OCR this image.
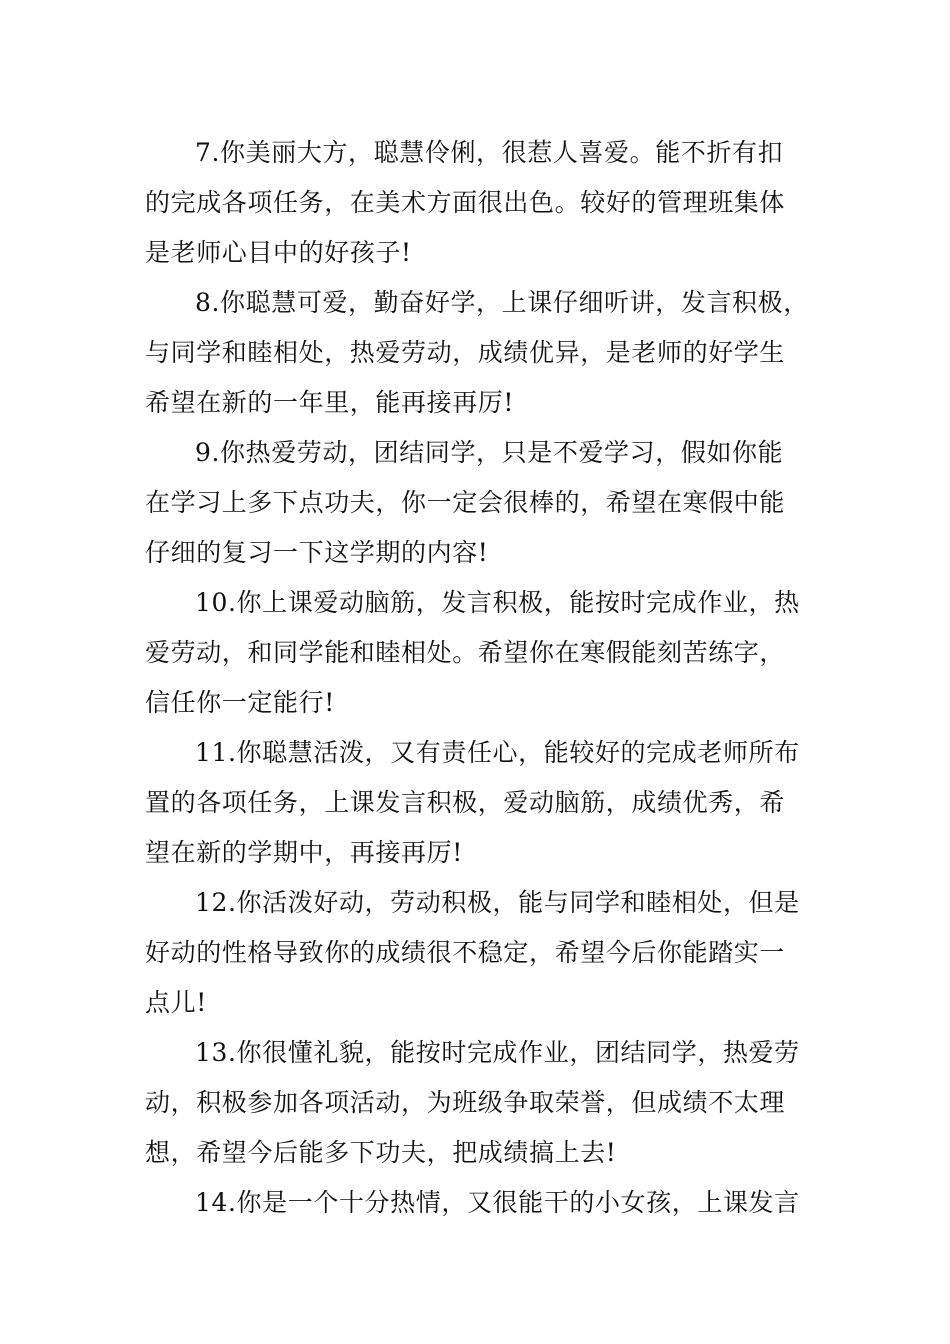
7.你美丽大方，聪慧伶俐，很惹人喜爱。能不折有扣
的完成各项任务，在美术方面很出色。较好的管理班集体
是老师心目中的好孩子!
8.你聪慧可爱，勤奋好学，上课仔细听讲，发言积极，
与同学和睦相处，热爱劳动，成绩优异，是老师的好学生
希望在新的一年里，能再接再厉!
9.你热爱劳动，团结同学，只是不爱学习，假如你能
在学习上多下点功夫，你一定会很棒的，希望在寒假中能
仔细的复习一下这学期的内容!
10.你上课爱动脑筋，发言积极，能按时完成作业，热
爱劳动，和同学能和睦相处。希望你在寒假能刻苦练字，
信任你一定能行!
11.你聪慧活泼，又有责任心，能较好的完成老师所布
置的各项任务，上课发言积极，爱动脑筋，成绩优秀，希
望在新的学期中，再接再厉!
12.你活泼好动，劳动积极，能与同学和睦相处，但是
好动的性格导致你的成绩很不稳定，希望今后你能踏实一
点儿!
13.你很懂礼貌，能按时完成作业，团结同学，热爱劳
动，积极参加各项活动，为班级争取荣誉，但成绩不太理
想，希望今后能多下功夫，把成绩搞上去!
14.你是一个十分热情，又很能干的小女孩，上课发言
